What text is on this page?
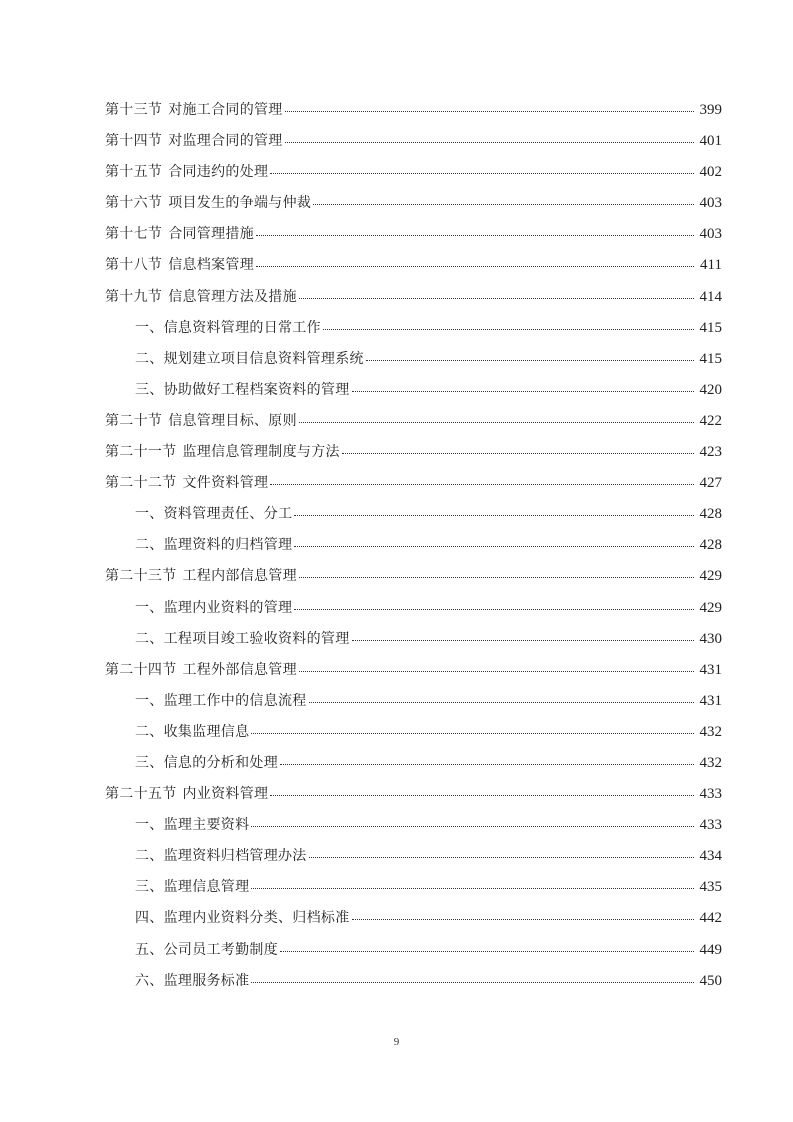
第十三节 对施工合同的管理	399
第十四节 对监理合同的管理	401
第十五节 合同违约的处理	402
第十六节 项目发生的争端与仲裁	403
第十七节 合同管理措施	403
第十八节 信息档案管理	411
第十九节 信息管理方法及措施	414
一、信息资料管理的日常工作	415
二、规划建立项目信息资料管理系统	415
三、协助做好工程档案资料的管理	420
第二十节 信息管理目标、原则	422
第二十一节 监理信息管理制度与方法	423
第二十二节 文件资料管理	427
一、资料管理责任、分工	428
二、监理资料的归档管理	428
第二十三节 工程内部信息管理	429
一、监理内业资料的管理	429
二、工程项目竣工验收资料的管理	430
第二十四节 工程外部信息管理	431
一、监理工作中的信息流程	431
二、收集监理信息	432
三、信息的分析和处理	432
第二十五节 内业资料管理	433
一、监理主要资料	433
二、监理资料归档管理办法	434
三、监理信息管理	435
四、监理内业资料分类、归档标准	442
五、公司员工考勤制度	449
六、监理服务标准	450
9
